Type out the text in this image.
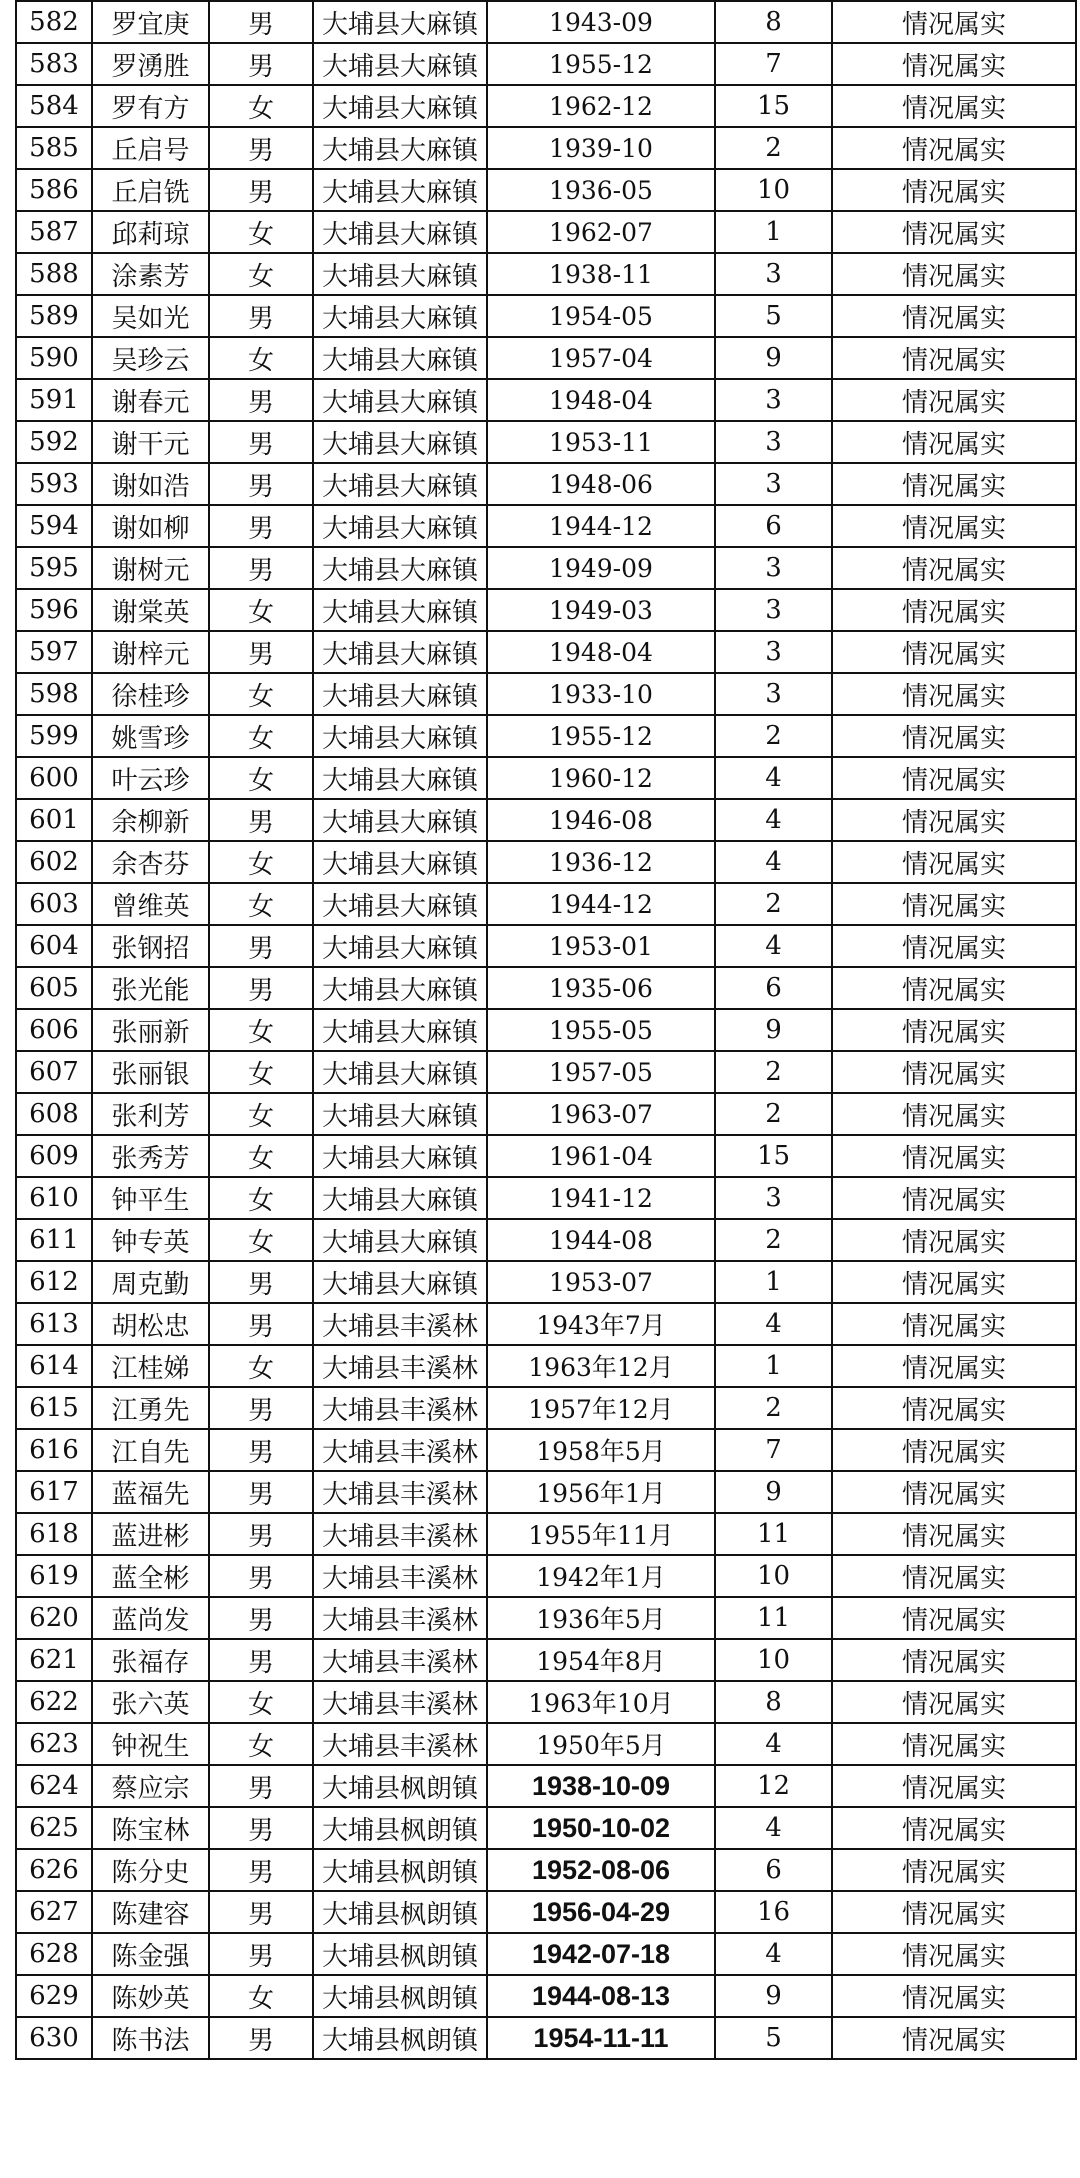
582	罗宜庚	男	大埔县大麻镇	1943-09	8	情况属实
583	罗湧胜	男	大埔县大麻镇	1955-12	7	情况属实
584	罗有方	女	大埔县大麻镇	1962-12	15	情况属实
585	丘启号	男	大埔县大麻镇	1939-10	2	情况属实
586	丘启铣	男	大埔县大麻镇	1936-05	10	情况属实
587	邱莉琼	女	大埔县大麻镇	1962-07	1	情况属实
588	涂素芳	女	大埔县大麻镇	1938-11	3	情况属实
589	吴如光	男	大埔县大麻镇	1954-05	5	情况属实
590	吴珍云	女	大埔县大麻镇	1957-04	9	情况属实
591	谢春元	男	大埔县大麻镇	1948-04	3	情况属实
592	谢干元	男	大埔县大麻镇	1953-11	3	情况属实
593	谢如浩	男	大埔县大麻镇	1948-06	3	情况属实
594	谢如柳	男	大埔县大麻镇	1944-12	6	情况属实
595	谢树元	男	大埔县大麻镇	1949-09	3	情况属实
596	谢棠英	女	大埔县大麻镇	1949-03	3	情况属实
597	谢梓元	男	大埔县大麻镇	1948-04	3	情况属实
598	徐桂珍	女	大埔县大麻镇	1933-10	3	情况属实
599	姚雪珍	女	大埔县大麻镇	1955-12	2	情况属实
600	叶云珍	女	大埔县大麻镇	1960-12	4	情况属实
601	余柳新	男	大埔县大麻镇	1946-08	4	情况属实
602	余杏芬	女	大埔县大麻镇	1936-12	4	情况属实
603	曾维英	女	大埔县大麻镇	1944-12	2	情况属实
604	张钢招	男	大埔县大麻镇	1953-01	4	情况属实
605	张光能	男	大埔县大麻镇	1935-06	6	情况属实
606	张丽新	女	大埔县大麻镇	1955-05	9	情况属实
607	张丽银	女	大埔县大麻镇	1957-05	2	情况属实
608	张利芳	女	大埔县大麻镇	1963-07	2	情况属实
609	张秀芳	女	大埔县大麻镇	1961-04	15	情况属实
610	钟平生	女	大埔县大麻镇	1941-12	3	情况属实
611	钟专英	女	大埔县大麻镇	1944-08	2	情况属实
612	周克勤	男	大埔县大麻镇	1953-07	1	情况属实
613	胡松忠	男	大埔县丰溪林	1943年7月	4	情况属实
614	江桂娣	女	大埔县丰溪林	1963年12月	1	情况属实
615	江勇先	男	大埔县丰溪林	1957年12月	2	情况属实
616	江自先	男	大埔县丰溪林	1958年5月	7	情况属实
617	蓝福先	男	大埔县丰溪林	1956年1月	9	情况属实
618	蓝进彬	男	大埔县丰溪林	1955年11月	11	情况属实
619	蓝全彬	男	大埔县丰溪林	1942年1月	10	情况属实
620	蓝尚发	男	大埔县丰溪林	1936年5月	11	情况属实
621	张福存	男	大埔县丰溪林	1954年8月	10	情况属实
622	张六英	女	大埔县丰溪林	1963年10月	8	情况属实
623	钟祝生	女	大埔县丰溪林	1950年5月	4	情况属实
624	蔡应宗	男	大埔县枫朗镇	1938-10-09	12	情况属实
625	陈宝林	男	大埔县枫朗镇	1950-10-02	4	情况属实
626	陈分史	男	大埔县枫朗镇	1952-08-06	6	情况属实
627	陈建容	男	大埔县枫朗镇	1956-04-29	16	情况属实
628	陈金强	男	大埔县枫朗镇	1942-07-18	4	情况属实
629	陈妙英	女	大埔县枫朗镇	1944-08-13	9	情况属实
630	陈书法	男	大埔县枫朗镇	1954-11-11	5	情况属实
